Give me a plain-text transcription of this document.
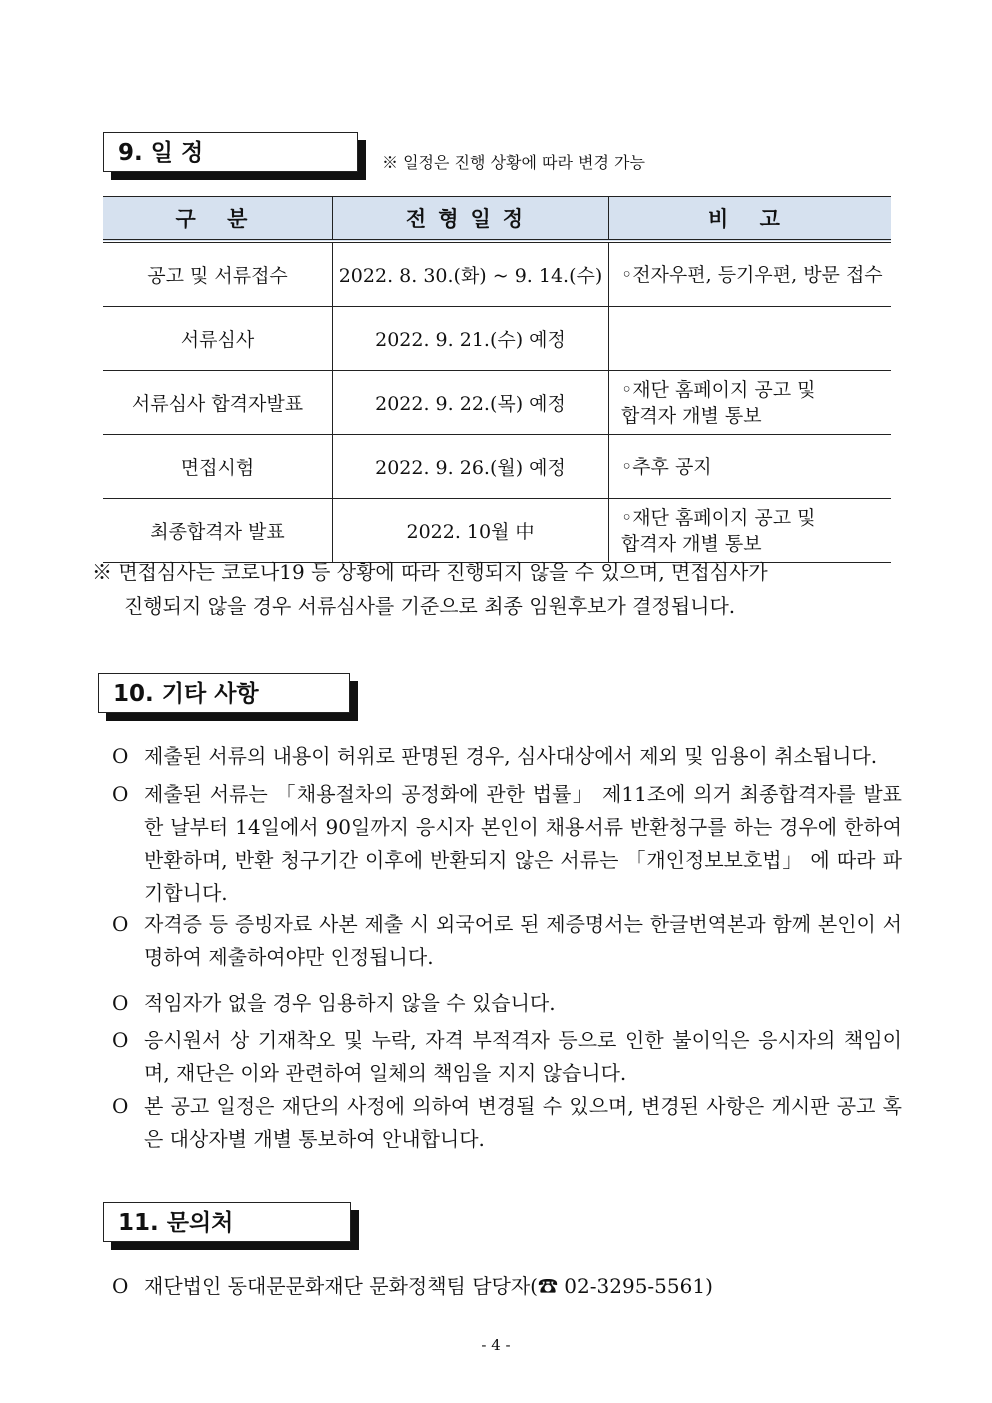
9. 일 정	※ 일정은 진행 상황에 따라 변경 가능
구 분	전형일정	비 고
공고 및 서류접수	2022. 8. 30.(화) ~ 9. 14.(수)	◦전자우편, 등기우편, 방문 접수
서류심사	2022. 9. 21.(수) 예정	
서류심사 합격자발표	2022. 9. 22.(목) 예정	◦재단 홈페이지 공고 및
합격자 개별 통보
면접시험	2022. 9. 26.(월) 예정	◦추후 공지
최종합격자 발표	2022. 10월 中	◦재단 홈페이지 공고 및
합격자 개별 통보
※ 면접심사는 코로나19 등 상황에 따라 진행되지 않을 수 있으며, 면접심사가
진행되지 않을 경우 서류심사를 기준으로 최종 임원후보가 결정됩니다.
10. 기타 사항
O 제출된 서류의 내용이 허위로 판명된 경우, 심사대상에서 제외 및 임용이 취소됩니다.
O 제출된 서류는 「채용절차의 공정화에 관한 법률」 제11조에 의거 최종합격자를 발표한 날부터 14일에서 90일까지 응시자 본인이 채용서류 반환청구를 하는 경우에 한하여 반환하며, 반환 청구기간 이후에 반환되지 않은 서류는 「개인정보보호법」 에 따라 파기합니다.
O 자격증 등 증빙자료 사본 제출 시 외국어로 된 제증명서는 한글번역본과 함께 본인이 서명하여 제출하여야만 인정됩니다.
O 적임자가 없을 경우 임용하지 않을 수 있습니다.
O 응시원서 상 기재착오 및 누락, 자격 부적격자 등으로 인한 불이익은 응시자의 책임이며, 재단은 이와 관련하여 일체의 책임을 지지 않습니다.
O 본 공고 일정은 재단의 사정에 의하여 변경될 수 있으며, 변경된 사항은 게시판 공고 혹은 대상자별 개별 통보하여 안내합니다.
11. 문의처
O 재단법인 동대문문화재단 문화정책팀 담당자(☎ 02-3295-5561)
- 4 -
